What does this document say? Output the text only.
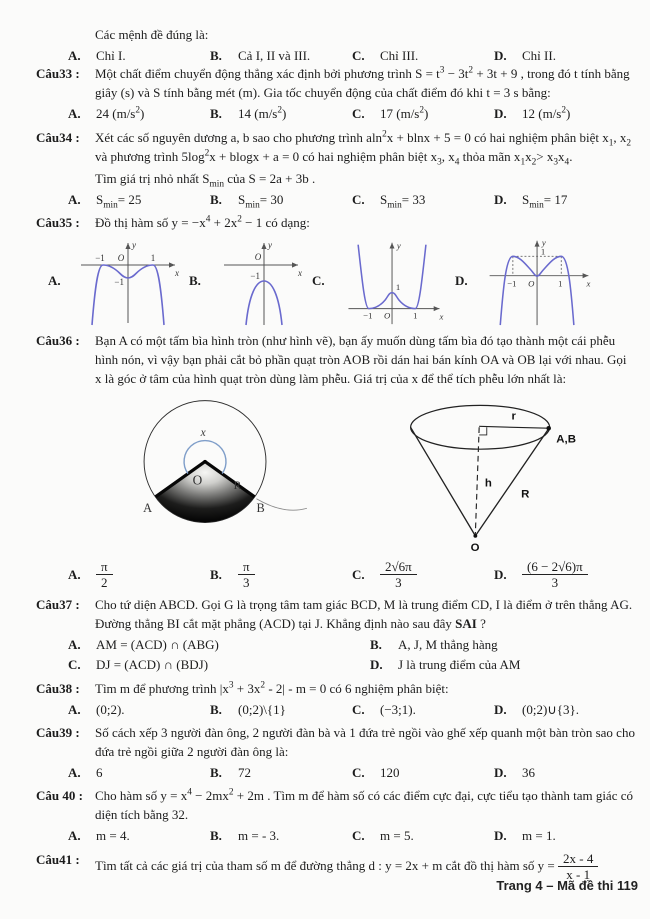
Các mệnh đề đúng là:
A.	Chỉ I.	B.	Cả I, II và III.	C.	Chỉ III.	D.	Chỉ II.
Câu33 :	Một chất điểm chuyển động thẳng xác định bởi phương trình $S = t^3 - 3t^2 + 3t + 9$ , trong đó t tính bằng giây (s) và S tính bằng mét (m). Gia tốc chuyển động của chất điểm đó khi t = 3 s bằng:
A.	24 $(m/s^2)$	B.	14 $(m/s^2)$	C.	17 $(m/s^2)$	D.	12 $(m/s^2)$
Câu34 :	Xét các số nguyên dương a, b sao cho phương trình aln$^2$x + blnx + 5 = 0 có hai nghiệm phân biệt $x_1$, $x_2$ và phương trình $5\log^2x + blogx + a = 0$ có hai nghiệm phân biệt $x_3$, $x_4$ thỏa mãn $x_1x_2> x_3x_4$.
Tìm giá trị nhỏ nhất $S_{min}$ của S = 2a + 3b .
A.	$S_{min}= 25$	B.	$S_{min}= 30$	C.	$S_{min}= 33$	D.	$S_{min}= 17$
Câu35 :	Đồ thị hàm số $y = -x^4 + 2x^2 - 1$ có dạng:
A.
−1 O	1
−1
x
y
B.
O
−1	x
y
C.
−1 O	1
1
x
y
D.	−1 O	1
1
x
y
Câu36 :	Bạn A có một tấm bìa hình tròn (như hình vẽ), bạn ấy muốn dùng tấm bìa đó tạo thành một cái phễu hình nón, vì vậy bạn phải cắt bỏ phần quạt tròn AOB rồi dán hai bán kính OA và OB lại với nhau. Gọi x là góc ở tâm của hình quạt tròn dùng làm phễu. Giá trị của x để thể tích phễu lớn nhất là:
x
O	R
A	B
r
A,B
h
R
O
A.	$\frac{\pi}{2}$	B.	$\frac{\pi}{3}$	C.	$\frac{2√6\pi}{3}$	D.	$\frac{(6 - 2√6)\pi}{3}$
Câu37 :	Cho tứ diện ABCD. Gọi G là trọng tâm tam giác BCD, M là trung điểm CD, I là điểm ở trên thẳng AG. Đường thẳng BI cắt mặt phẳng (ACD) tại J. Khẳng định nào sau đây SAI ?
A.	AM = (ACD) ∩ (ABG)	B.	A, J, M thẳng hàng
C.	DJ = (ACD) ∩ (BDJ)	D.	J là trung điểm của AM
Câu38 :	Tìm m để phương trình $|x^3 + 3x^2 - 2| - m = 0$ có 6 nghiệm phân biệt:
A.	(0;2).	B.	(0;2)\{1}	C.	(−3;1).	D.	(0;2)∪{3}.
Câu39 :	Số cách xếp 3 người đàn ông, 2 người đàn bà và 1 đứa trẻ ngồi vào ghế xếp quanh một bàn tròn sao cho đứa trẻ ngồi giữa 2 người đàn ông là:
A.	6	B.	72	C.	120	D.	36
Câu 40 : Cho hàm số $y = x^4 - 2mx^2 + 2m$ . Tìm m để hàm số có các điểm cực đại, cực tiểu tạo thành tam giác có diện tích bằng 32.
A.	m = 4.	B.	m = - 3.	C.	m = 5.	D.	m = 1.
Câu41 :	Tìm tất cả các giá trị của tham số m để đường thẳng d : y = 2x + m cắt đồ thị hàm số $y = \frac{2x - 4}{x - 1}$
Trang 4 – Mã đề thi 119
